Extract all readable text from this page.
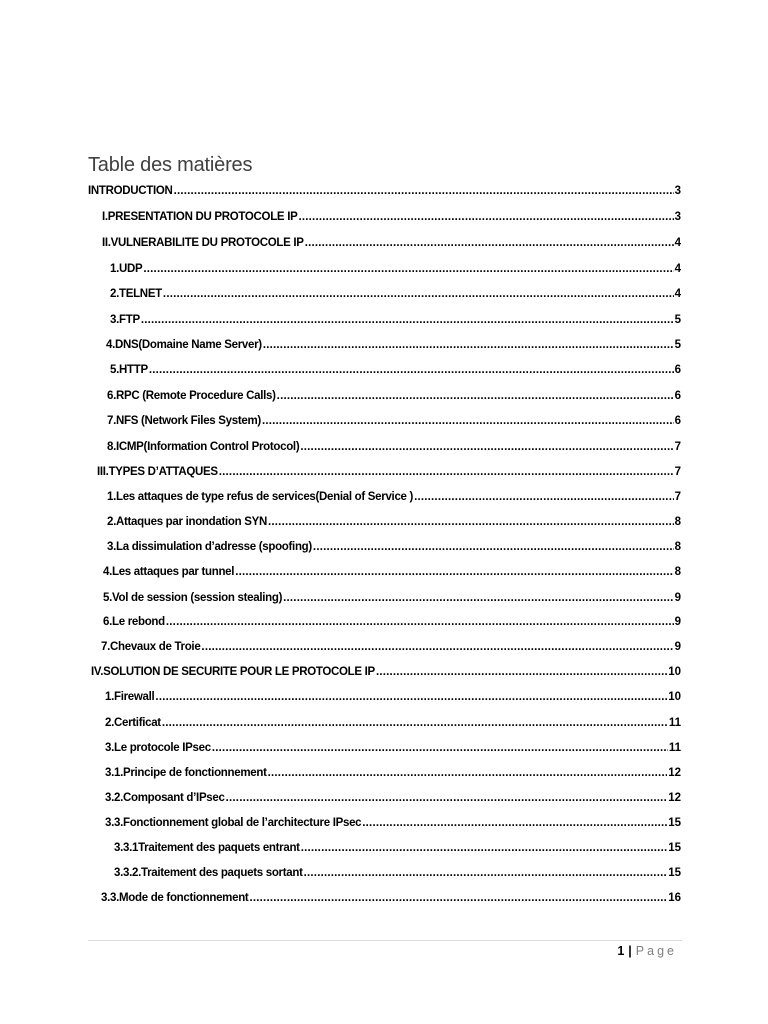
Table des matières
INTRODUCTION .....	3
I.PRESENTATION DU PROTOCOLE IP .....	3
II.VULNERABILITE DU PROTOCOLE IP .....	4
1.UDP .....	4
2.TELNET .....	4
3.FTP .....	5
4.DNS(Domaine Name Server) .....	5
5.HTTP .....	6
6.RPC (Remote Procedure Calls) .....	6
7.NFS (Network Files System) .....	6
8.ICMP(Information Control Protocol) .....	7
III.TYPES D’ATTAQUES .....	7
1.Les attaques de type refus de services(Denial of Service ) .....	7
2.Attaques par inondation SYN .....	8
3.La dissimulation d’adresse (spoofing) .....	8
4.Les attaques par tunnel .....	8
5.Vol de session (session stealing) .....	9
6.Le rebond .....	9
7.Chevaux de Troie .....	9
IV.SOLUTION DE SECURITE POUR LE PROTOCOLE IP .....	10
1.Firewall .....	10
2.Certificat .....	11
3.Le protocole IPsec .....	11
3.1.Principe de fonctionnement .....	12
3.2.Composant d’IPsec .....	12
3.3.Fonctionnement global de l’architecture IPsec .....	15
3.3.1Traitement des paquets entrant .....	15
3.3.2.Traitement des paquets sortant .....	15
3.3.Mode de fonctionnement .....	16
1 | Page
